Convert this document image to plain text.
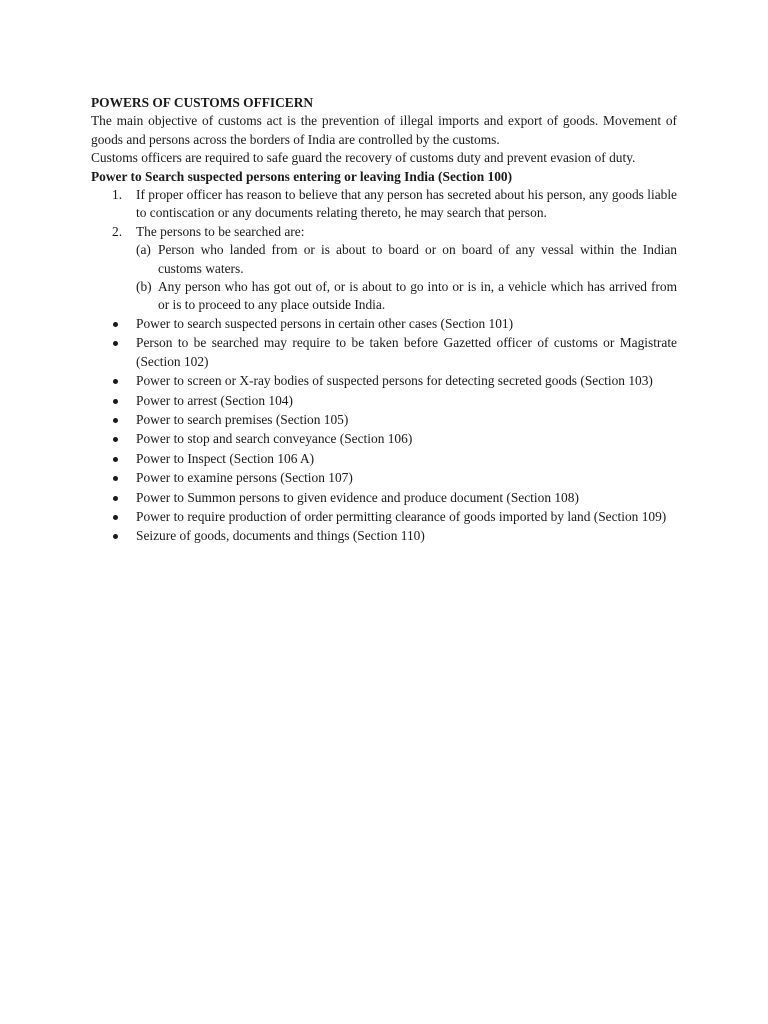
POWERS OF CUSTOMS OFFICERN

The main objective of customs act is the prevention of illegal imports and export of goods. Movement of goods and persons across the borders of India are controlled by the customs.

Customs officers are required to safe guard the recovery of customs duty and prevent evasion of duty.

Power to Search suspected persons entering or leaving India (Section 100)

1. If proper officer has reason to believe that any person has secreted about his person, any goods liable to contiscation or any documents relating thereto, he may search that person.
2. The persons to be searched are:
(a) Person who landed from or is about to board or on board of any vessal within the Indian customs waters.
(b) Any person who has got out of, or is about to go into or is in, a vehicle which has arrived from or is to proceed to any place outside India.
Power to search suspected persons in certain other cases (Section 101)
Person to be searched may require to be taken before Gazetted officer of customs or Magistrate (Section 102)
Power to screen or X-ray bodies of suspected persons for detecting secreted goods (Section 103)
Power to arrest (Section 104)
Power to search premises (Section 105)
Power to stop and search conveyance (Section 106)
Power to Inspect (Section 106 A)
Power to examine persons (Section 107)
Power to Summon persons to given evidence and produce document (Section 108)
Power to require production of order permitting clearance of goods imported by land (Section 109)
Seizure of goods, documents and things (Section 110)
